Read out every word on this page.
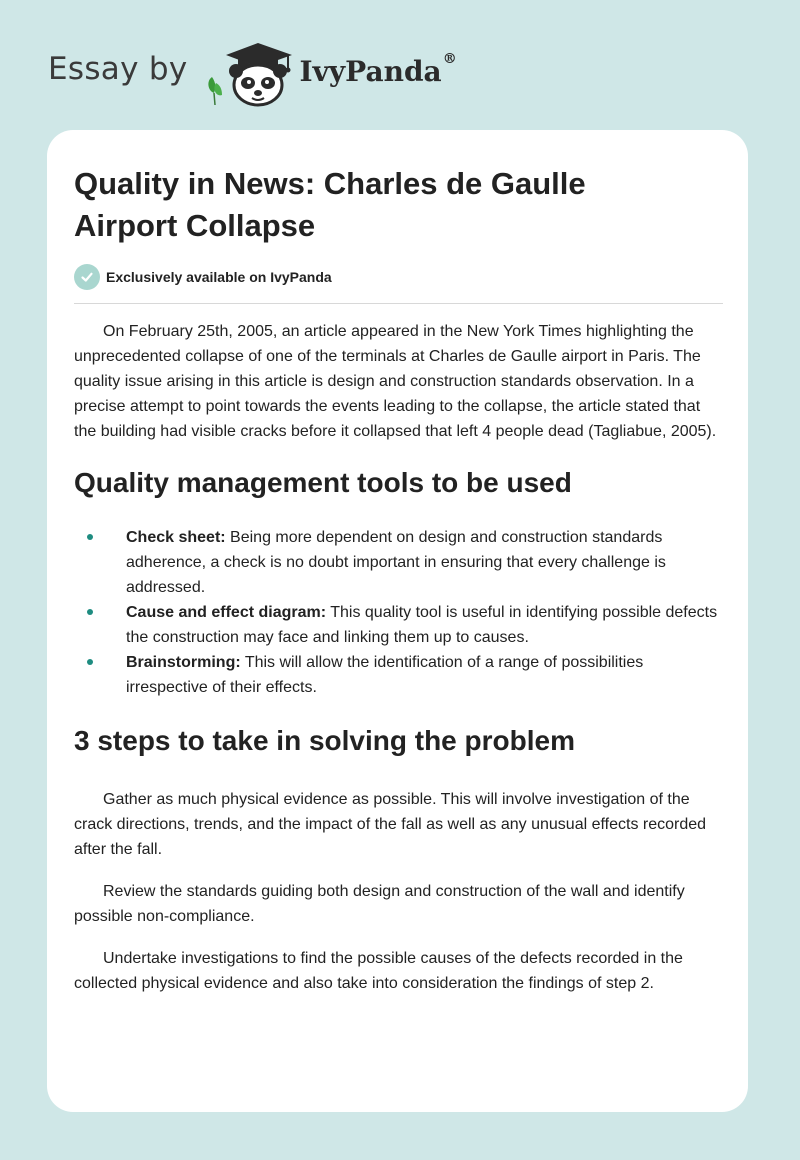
Essay by	IvyPanda®
Quality in News: Charles de Gaulle Airport Collapse
Exclusively available on IvyPanda

On February 25th, 2005, an article appeared in the New York Times highlighting the unprecedented collapse of one of the terminals at Charles de Gaulle airport in Paris. The quality issue arising in this article is design and construction standards observation. In a precise attempt to point towards the events leading to the collapse, the article stated that the building had visible cracks before it collapsed that left 4 people dead (Tagliabue, 2005).

Quality management tools to be used
Check sheet: Being more dependent on design and construction standards adherence, a check is no doubt important in ensuring that every challenge is addressed.
Cause and effect diagram: This quality tool is useful in identifying possible defects the construction may face and linking them up to causes.
Brainstorming: This will allow the identification of a range of possibilities irrespective of their effects.
3 steps to take in solving the problem

Gather as much physical evidence as possible. This will involve investigation of the crack directions, trends, and the impact of the fall as well as any unusual effects recorded after the fall.

Review the standards guiding both design and construction of the wall and identify possible non-compliance.

Undertake investigations to find the possible causes of the defects recorded in the collected physical evidence and also take into consideration the findings of step 2.
